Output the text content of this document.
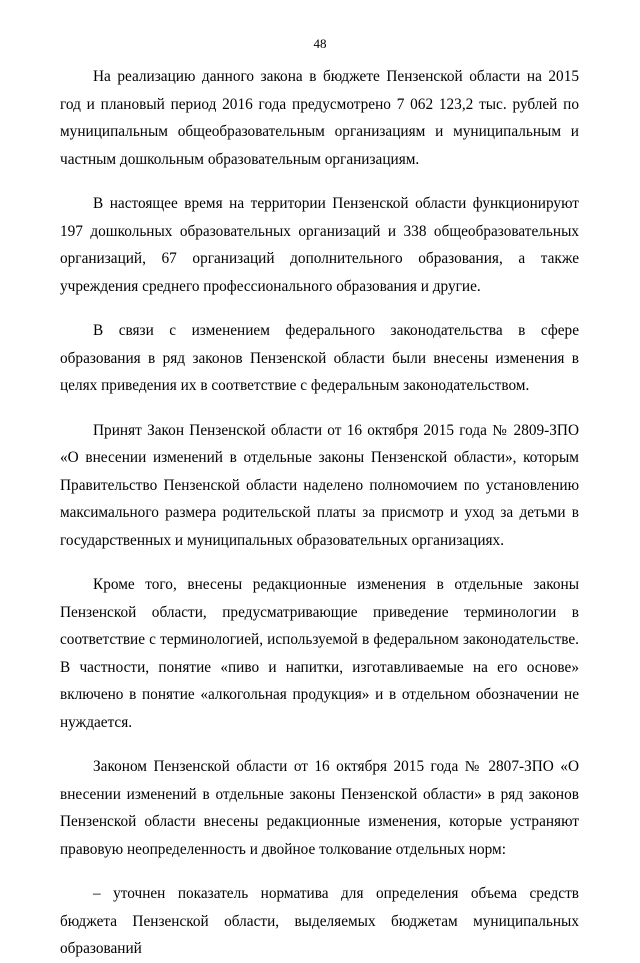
48

На реализацию данного закона в бюджете Пензенской области на 2015 год и плановый период 2016 года предусмотрено 7 062 123,2 тыс. рублей по муниципальным общеобразовательным организациям и муниципальным и частным дошкольным образовательным организациям.

В настоящее время на территории Пензенской области функционируют 197 дошкольных образовательных организаций и 338 общеобразовательных организаций, 67 организаций дополнительного образования, а также учреждения среднего профессионального образования и другие.

В связи с изменением федерального законодательства в сфере образования в ряд законов Пензенской области были внесены изменения в целях приведения их в соответствие с федеральным законодательством.

Принят Закон Пензенской области от 16 октября 2015 года № 2809-ЗПО «О внесении изменений в отдельные законы Пензенской области», которым Правительство Пензенской области наделено полномочием по установлению максимального размера родительской платы за присмотр и уход за детьми в государственных и муниципальных образовательных организациях.

Кроме того, внесены редакционные изменения в отдельные законы Пензенской области, предусматривающие приведение терминологии в соответствие с терминологией, используемой в федеральном законодательстве. В частности, понятие «пиво и напитки, изготавливаемые на его основе» включено в понятие «алкогольная продукция» и в отдельном обозначении не нуждается.

Законом Пензенской области от 16 октября 2015 года № 2807-ЗПО «О внесении изменений в отдельные законы Пензенской области» в ряд законов Пензенской области внесены редакционные изменения, которые устраняют правовую неопределенность и двойное толкование отдельных норм:

– уточнен показатель норматива для определения объема средств бюджета Пензенской области, выделяемых бюджетам муниципальных образований
